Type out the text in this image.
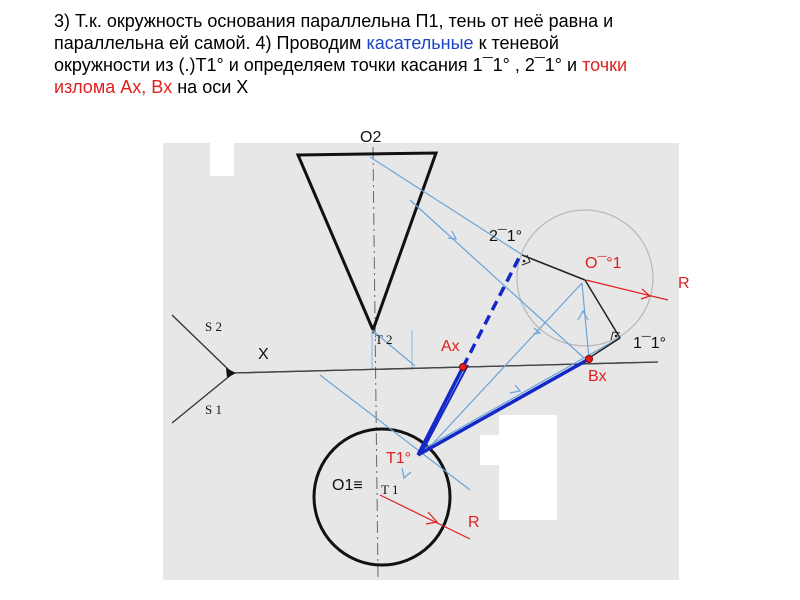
3) Т.к. окружность основания параллельна П1, тень от неё равна и
параллельна ей самой. 4) Проводим касательные к теневой
окружности из (.)Т1° и определяем точки касания 1¯1° , 2¯1° и точки
излома Ax, Bx на оси Х
O2
S 2
S 1
X
T 2
2¯1°
O¯°1
R
Ax
Bx
1¯1°
T1°
O1≡ T 1
R
